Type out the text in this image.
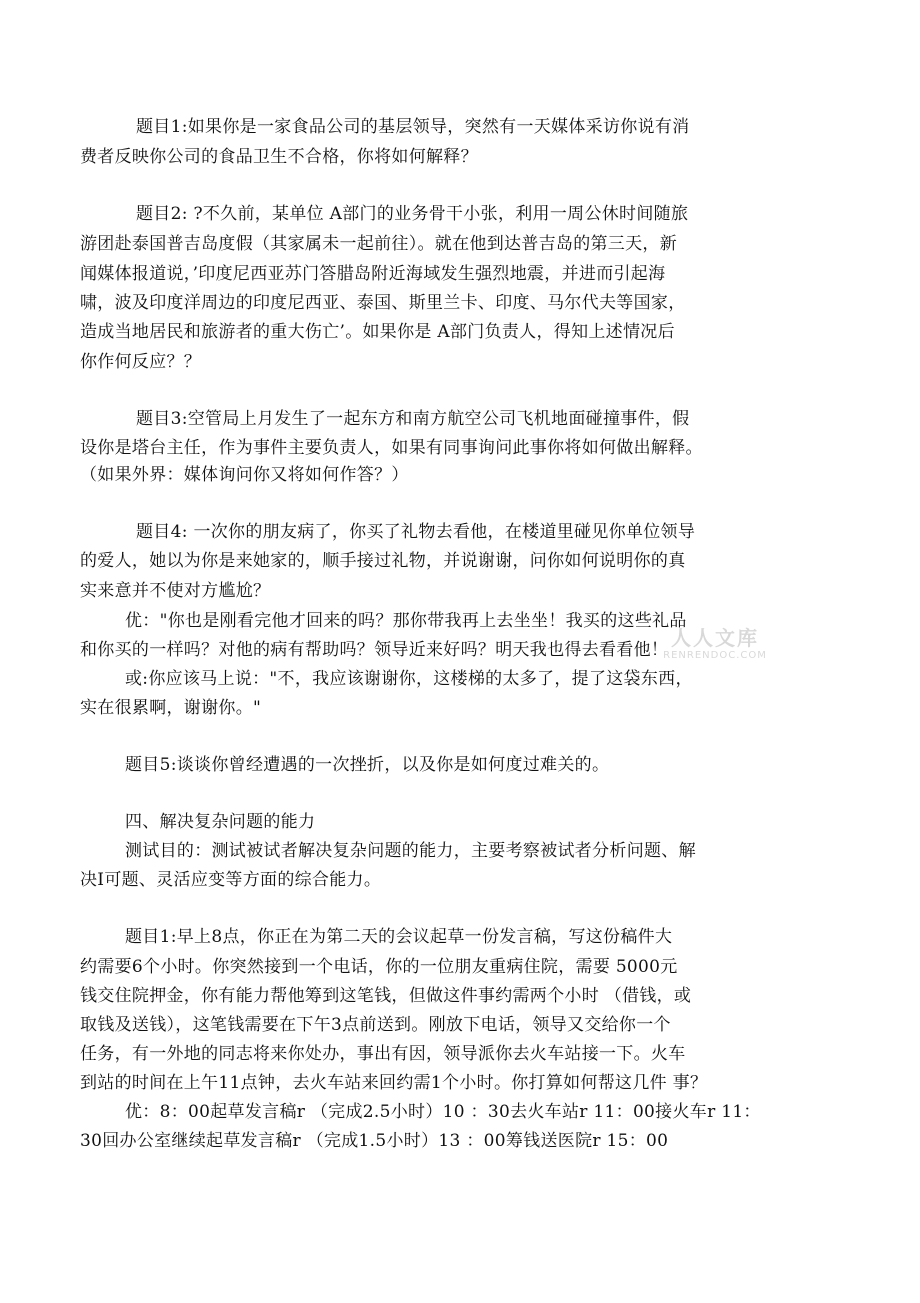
题目1:如果你是一家食品公司的基层领导，突然有一天媒体采访你说有消
费者反映你公司的食品卫生不合格，你将如何解释？
题目2: ?不久前，某单位 A部门的业务骨干小张，利用一周公休时间随旅
游团赴泰国普吉岛度假（其家属未一起前往）。就在他到达普吉岛的第三天，新
闻媒体报道说，’印度尼西亚苏门答腊岛附近海域发生强烈地震，并进而引起海
啸，波及印度洋周边的印度尼西亚、泰国、斯里兰卡、印度、马尔代夫等国家，
造成当地居民和旅游者的重大伤亡’。如果你是 A部门负责人，得知上述情况后
你作何反应？？
题目3:空管局上月发生了一起东方和南方航空公司飞机地面碰撞事件，假
设你是塔台主任，作为事件主要负责人，如果有同事询问此事你将如何做出解释。
（如果外界：媒体询问你又将如何作答？）
题目4: 一次你的朋友病了，你买了礼物去看他，在楼道里碰见你单位领导
的爱人，她以为你是来她家的，顺手接过礼物，并说谢谢，问你如何说明你的真
实来意并不使对方尴尬？
优："你也是刚看完他才回来的吗？那你带我再上去坐坐！我买的这些礼品
和你买的一样吗？对他的病有帮助吗？领导近来好吗？明天我也得去看看他！
或:你应该马上说："不，我应该谢谢你，这楼梯的太多了，提了这袋东西，
实在很累啊，谢谢你。"
题目5:谈谈你曾经遭遇的一次挫折，以及你是如何度过难关的。
四、解决复杂问题的能力
测试目的：测试被试者解决复杂问题的能力，主要考察被试者分析问题、解
决I可题、灵活应变等方面的综合能力。
题目1:早上8点，你正在为第二天的会议起草一份发言稿，写这份稿件大
约需要6个小时。你突然接到一个电话，你的一位朋友重病住院，需要 5000元
钱交住院押金，你有能力帮他筹到这笔钱，但做这件事约需两个小时 （借钱，或
取钱及送钱），这笔钱需要在下午3点前送到。刚放下电话，领导又交给你一个
任务，有一外地的同志将来你处办，事出有因，领导派你去火车站接一下。火车
到站的时间在上午11点钟，去火车站来回约需1个小时。你打算如何帮这几件 事？
优：8：00起草发言稿r （完成2.5小时）10 ：30去火车站r 11：00接火车r 11：
30回办公室继续起草发言稿r （完成1.5小时）13 ：00筹钱送医院r 15：00
人人文库
RENRENDOC.COM
